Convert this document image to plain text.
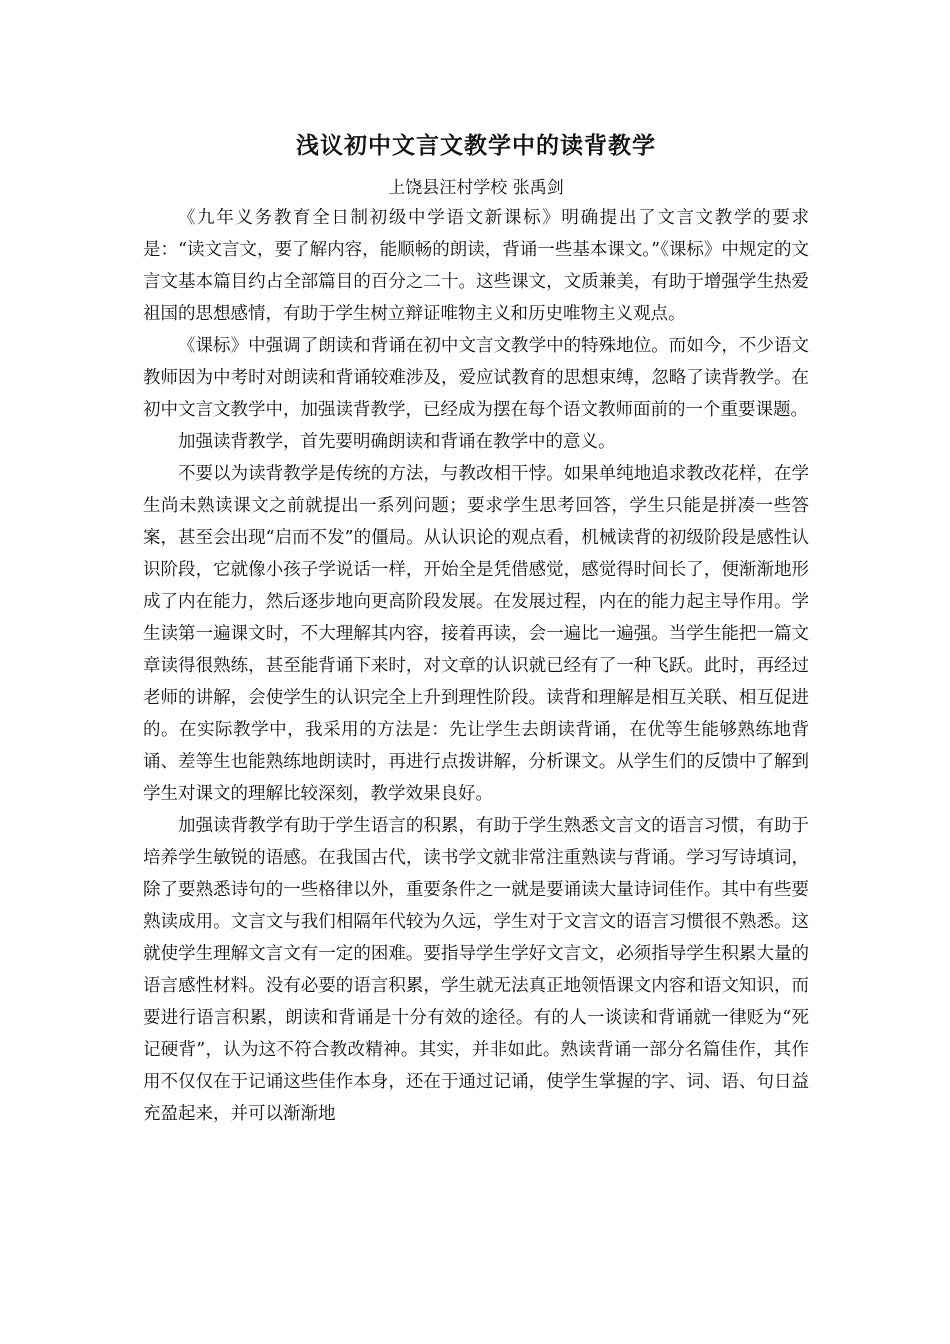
浅议初中文言文教学中的读背教学
上饶县汪村学校 张禹剑

《九年义务教育全日制初级中学语文新课标》明确提出了文言文教学的要求是：“读文言文，要了解内容，能顺畅的朗读，背诵一些基本课文。”《课标》中规定的文言文基本篇目约占全部篇目的百分之二十。这些课文，文质兼美，有助于增强学生热爱祖国的思想感情，有助于学生树立辩证唯物主义和历史唯物主义观点。

《课标》中强调了朗读和背诵在初中文言文教学中的特殊地位。而如今，不少语文教师因为中考时对朗读和背诵较难涉及，爱应试教育的思想束缚，忽略了读背教学。在初中文言文教学中，加强读背教学，已经成为摆在每个语文教师面前的一个重要课题。

加强读背教学，首先要明确朗读和背诵在教学中的意义。

不要以为读背教学是传统的方法，与教改相干悖。如果单纯地追求教改花样，在学生尚未熟读课文之前就提出一系列问题；要求学生思考回答，学生只能是拼凑一些答案，甚至会出现“启而不发”的僵局。从认识论的观点看，机械读背的初级阶段是感性认识阶段，它就像小孩子学说话一样，开始全是凭借感觉，感觉得时间长了，便渐渐地形成了内在能力，然后逐步地向更高阶段发展。在发展过程，内在的能力起主导作用。学生读第一遍课文时，不大理解其内容，接着再读，会一遍比一遍强。当学生能把一篇文章读得很熟练，甚至能背诵下来时，对文章的认识就已经有了一种飞跃。此时，再经过老师的讲解，会使学生的认识完全上升到理性阶段。读背和理解是相互关联、相互促进的。在实际教学中，我采用的方法是：先让学生去朗读背诵，在优等生能够熟练地背诵、差等生也能熟练地朗读时，再进行点拨讲解，分析课文。从学生们的反馈中了解到学生对课文的理解比较深刻，教学效果良好。

加强读背教学有助于学生语言的积累，有助于学生熟悉文言文的语言习惯，有助于培养学生敏锐的语感。在我国古代，读书学文就非常注重熟读与背诵。学习写诗填词，除了要熟悉诗句的一些格律以外，重要条件之一就是要诵读大量诗词佳作。其中有些要熟读成用。文言文与我们相隔年代较为久远，学生对于文言文的语言习惯很不熟悉。这就使学生理解文言文有一定的困难。要指导学生学好文言文，必须指导学生积累大量的语言感性材料。没有必要的语言积累，学生就无法真正地领悟课文内容和语文知识，而要进行语言积累，朗读和背诵是十分有效的途径。有的人一谈读和背诵就一律贬为“死记硬背”，认为这不符合教改精神。其实，并非如此。熟读背诵一部分名篇佳作，其作用不仅仅在于记诵这些佳作本身，还在于通过记诵，使学生掌握的字、词、语、句日益充盈起来，并可以渐渐地
